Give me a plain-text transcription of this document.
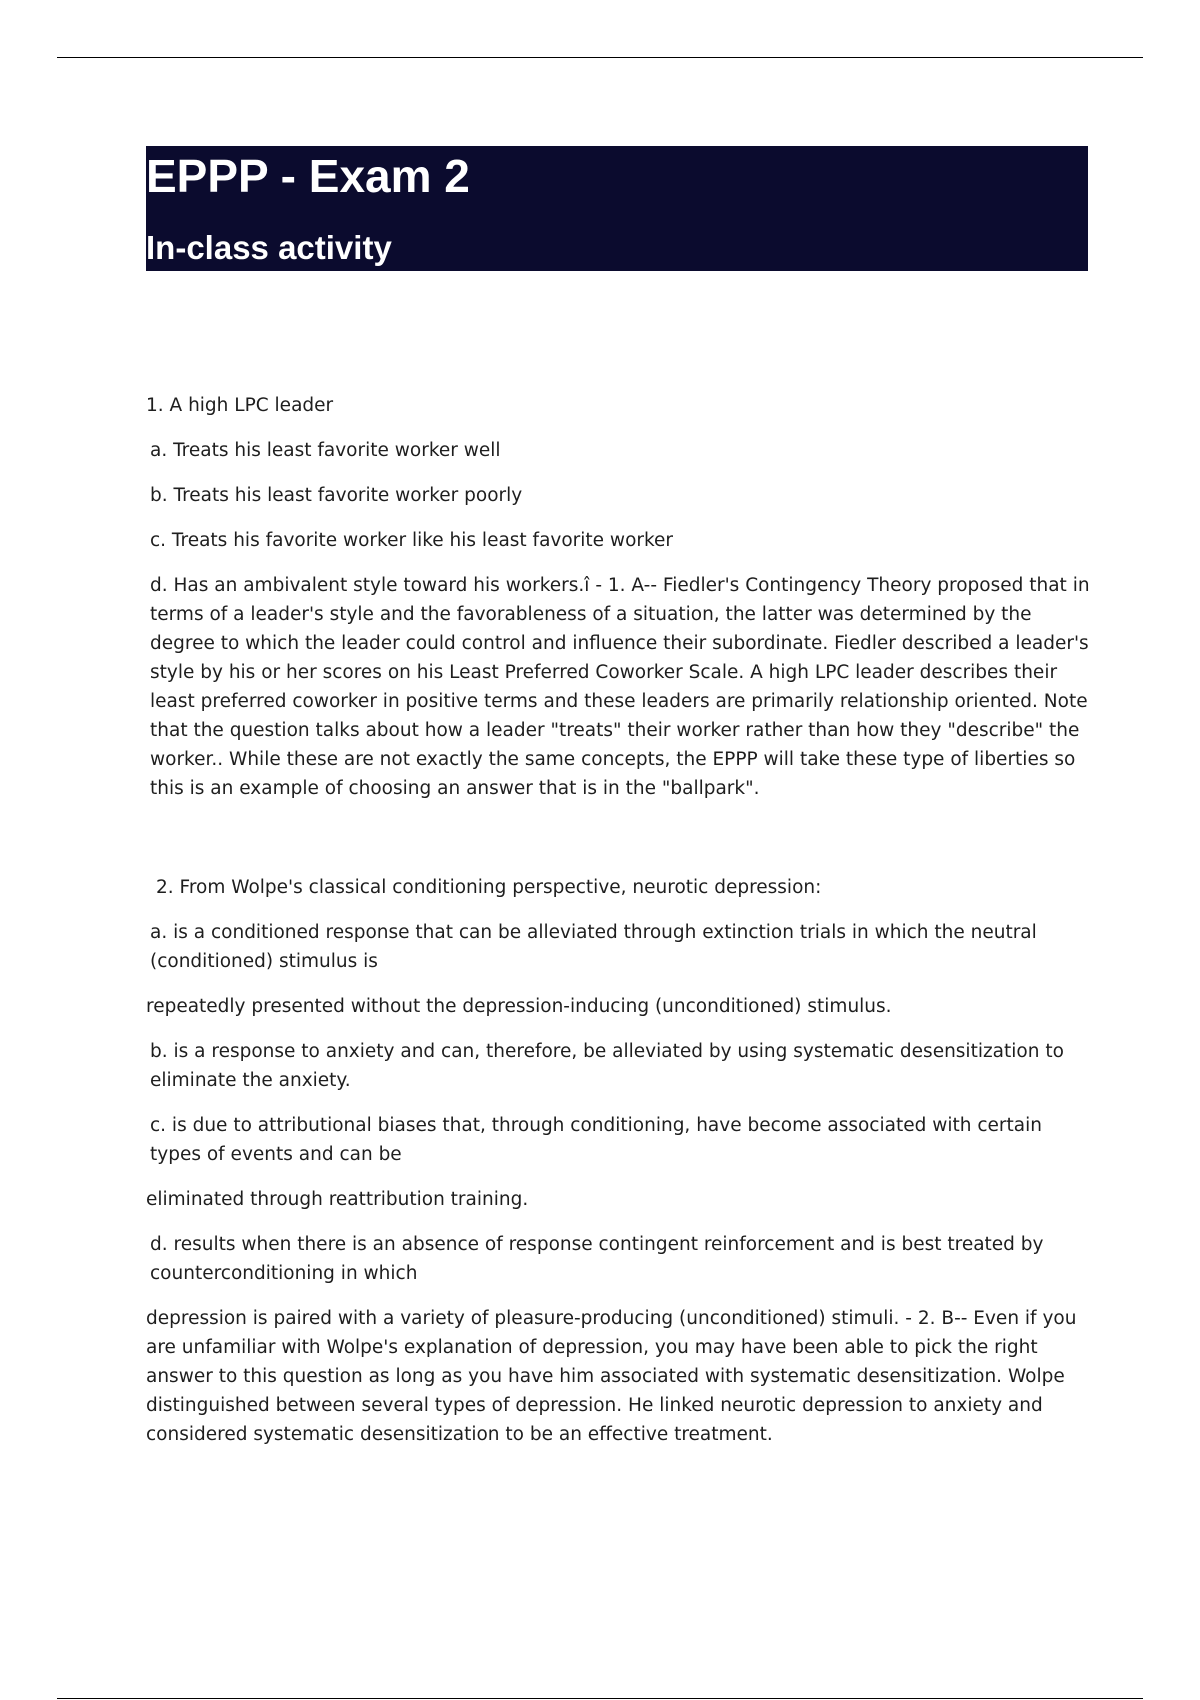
EPPP - Exam 2
In-class activity

1. A high LPC leader

a. Treats his least favorite worker well

b. Treats his least favorite worker poorly

c. Treats his favorite worker like his least favorite worker

d. Has an ambivalent style toward his workers.î - 1. A-- Fiedler's Contingency Theory proposed that in terms of a leader's style and the favorableness of a situation, the latter was determined by the degree to which the leader could control and influence their subordinate. Fiedler described a leader's style by his or her scores on his Least Preferred Coworker Scale. A high LPC leader describes their least preferred coworker in positive terms and these leaders are primarily relationship oriented. Note that the question talks about how a leader "treats" their worker rather than how they "describe" the worker.. While these are not exactly the same concepts, the EPPP will take these type of liberties so this is an example of choosing an answer that is in the "ballpark".

2. From Wolpe's classical conditioning perspective, neurotic depression:

a. is a conditioned response that can be alleviated through extinction trials in which the neutral (conditioned) stimulus is

repeatedly presented without the depression-inducing (unconditioned) stimulus.

b. is a response to anxiety and can, therefore, be alleviated by using systematic desensitization to eliminate the anxiety.

c. is due to attributional biases that, through conditioning, have become associated with certain types of events and can be

eliminated through reattribution training.

d. results when there is an absence of response contingent reinforcement and is best treated by counterconditioning in which

depression is paired with a variety of pleasure-producing (unconditioned) stimuli. - 2. B-- Even if you are unfamiliar with Wolpe's explanation of depression, you may have been able to pick the right answer to this question as long as you have him associated with systematic desensitization. Wolpe distinguished between several types of depression. He linked neurotic depression to anxiety and considered systematic desensitization to be an effective treatment.
